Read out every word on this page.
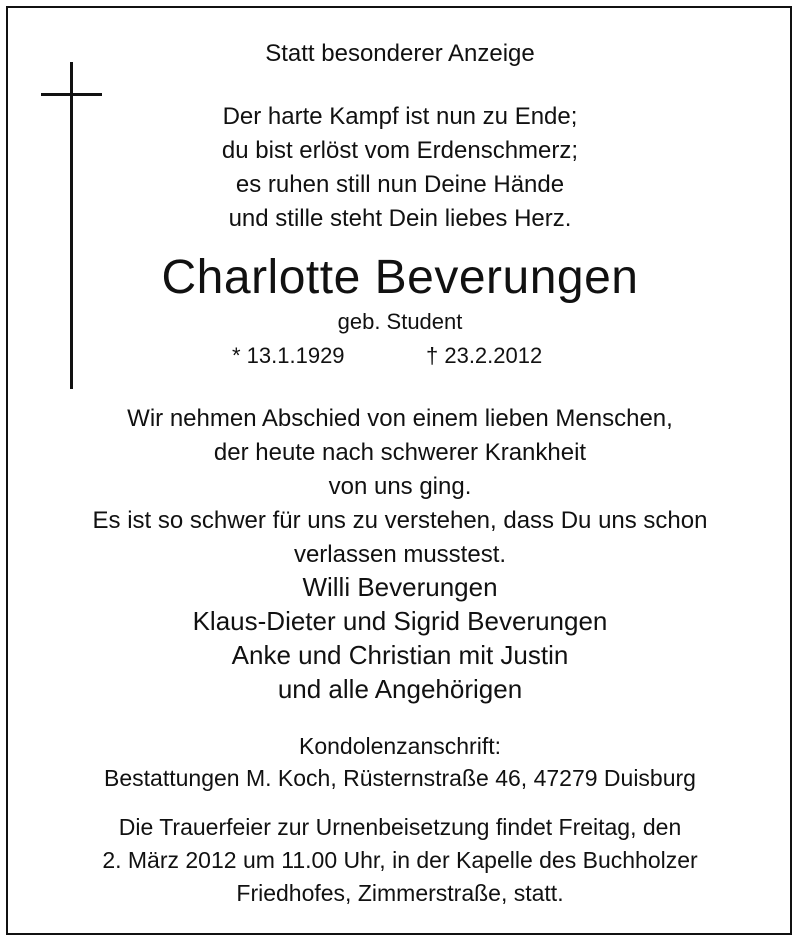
Statt besonderer Anzeige
Der harte Kampf ist nun zu Ende;
du bist erlöst vom Erdenschmerz;
es ruhen still nun Deine Hände
und stille steht Dein liebes Herz.
Charlotte Beverungen
geb. Student
* 13.1.1929	† 23.2.2012
Wir nehmen Abschied von einem lieben Menschen,
der heute nach schwerer Krankheit
von uns ging.
Es ist so schwer für uns zu verstehen, dass Du uns schon
verlassen musstest.
Willi Beverungen
Klaus-Dieter und Sigrid Beverungen
Anke und Christian mit Justin
und alle Angehörigen
Kondolenzanschrift:
Bestattungen M. Koch, Rüsternstraße 46, 47279 Duisburg
Die Trauerfeier zur Urnenbeisetzung findet Freitag, den
2. März 2012 um 11.00 Uhr, in der Kapelle des Buchholzer
Friedhofes, Zimmerstraße, statt.
